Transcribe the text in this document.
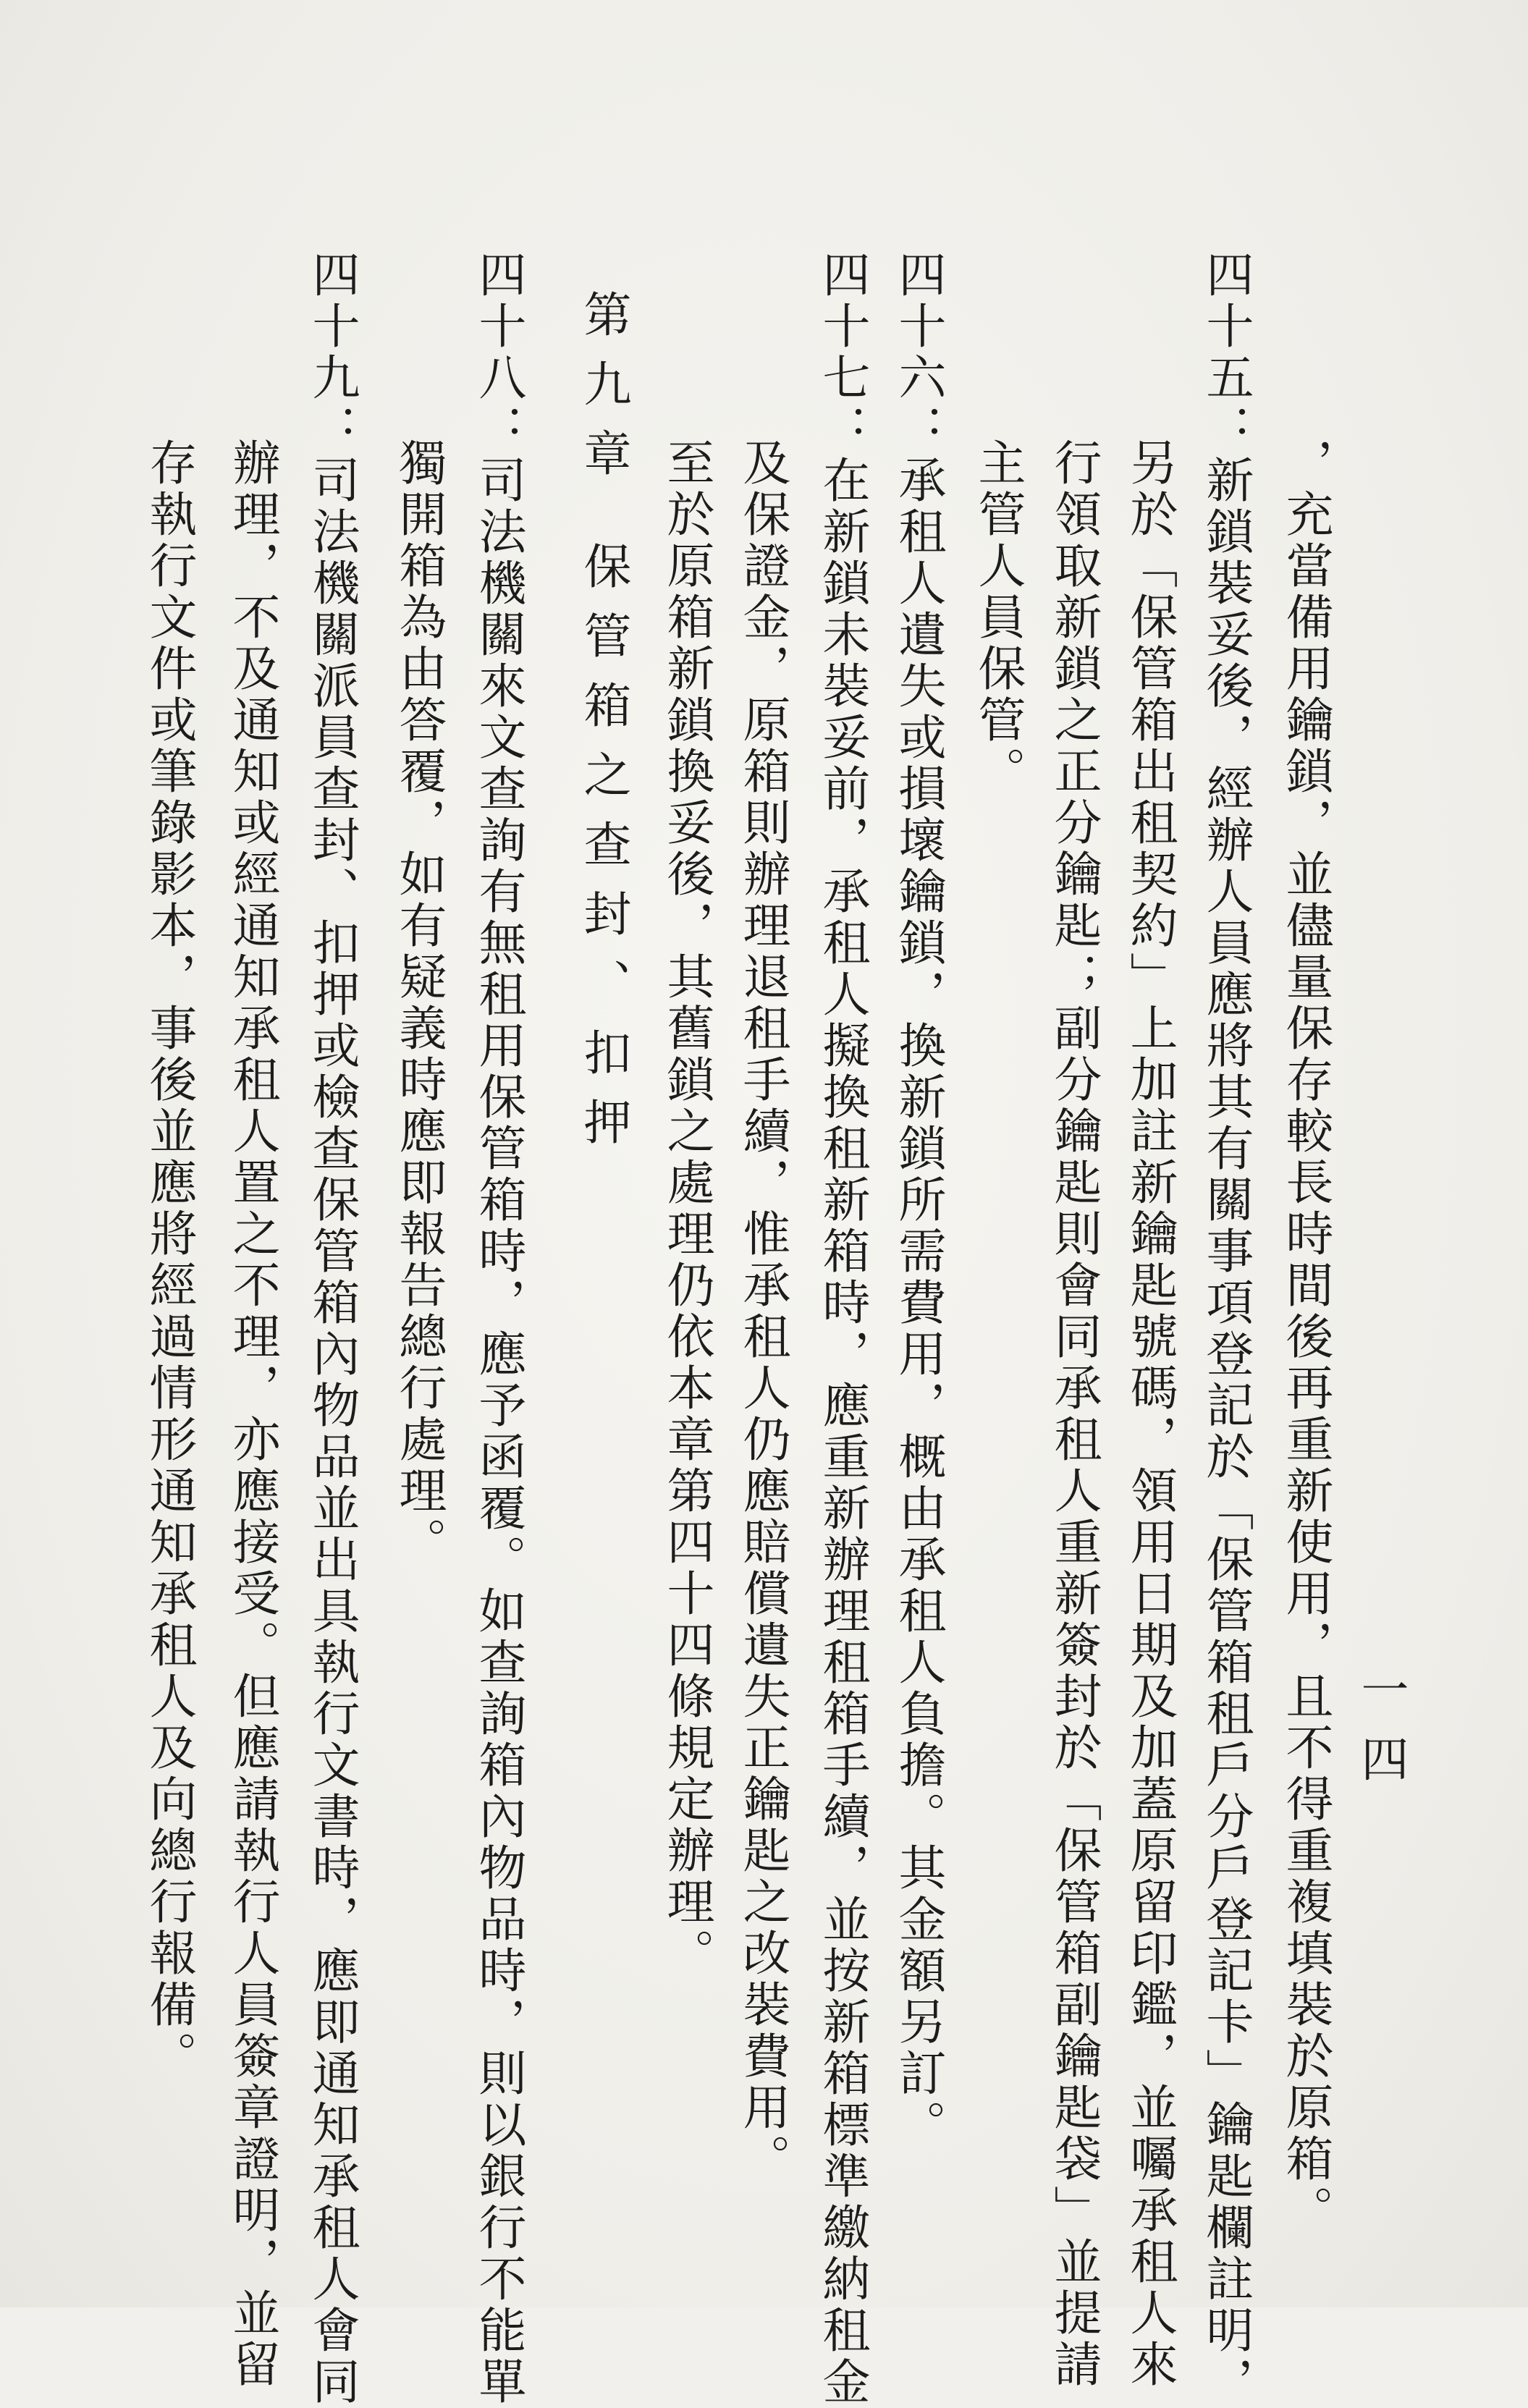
一四
，充當備用鑰鎖，並儘量保存較長時間後再重新使用，且不得重複填裝於原箱。
四十五：新鎖裝妥後，經辦人員應將其有關事項登記於「保管箱租戶分戶登記卡」鑰匙欄註明，
另於「保管箱出租契約」上加註新鑰匙號碼，領用日期及加蓋原留印鑑，並囑承租人來
行領取新鎖之正分鑰匙；副分鑰匙則會同承租人重新簽封於「保管箱副鑰匙袋」並提請
主管人員保管。
四十六：承租人遺失或損壞鑰鎖，換新鎖所需費用，概由承租人負擔。其金額另訂。
四十七：在新鎖未裝妥前，承租人擬換租新箱時，應重新辦理租箱手續，並按新箱標準繳納租金
及保證金，原箱則辦理退租手續，惟承租人仍應賠償遺失正鑰匙之改裝費用。
至於原箱新鎖換妥後，其舊鎖之處理仍依本章第四十四條規定辦理。
第九章保管箱之查封、扣押
四十八：司法機關來文查詢有無租用保管箱時，應予函覆。如查詢箱內物品時，則以銀行不能單
獨開箱為由答覆，如有疑義時應即報告總行處理。
四十九：司法機關派員查封、扣押或檢查保管箱內物品並出具執行文書時，應即通知承租人會同
辦理，不及通知或經通知承租人置之不理，亦應接受。但應請執行人員簽章證明，並留
存執行文件或筆錄影本，事後並應將經過情形通知承租人及向總行報備。
